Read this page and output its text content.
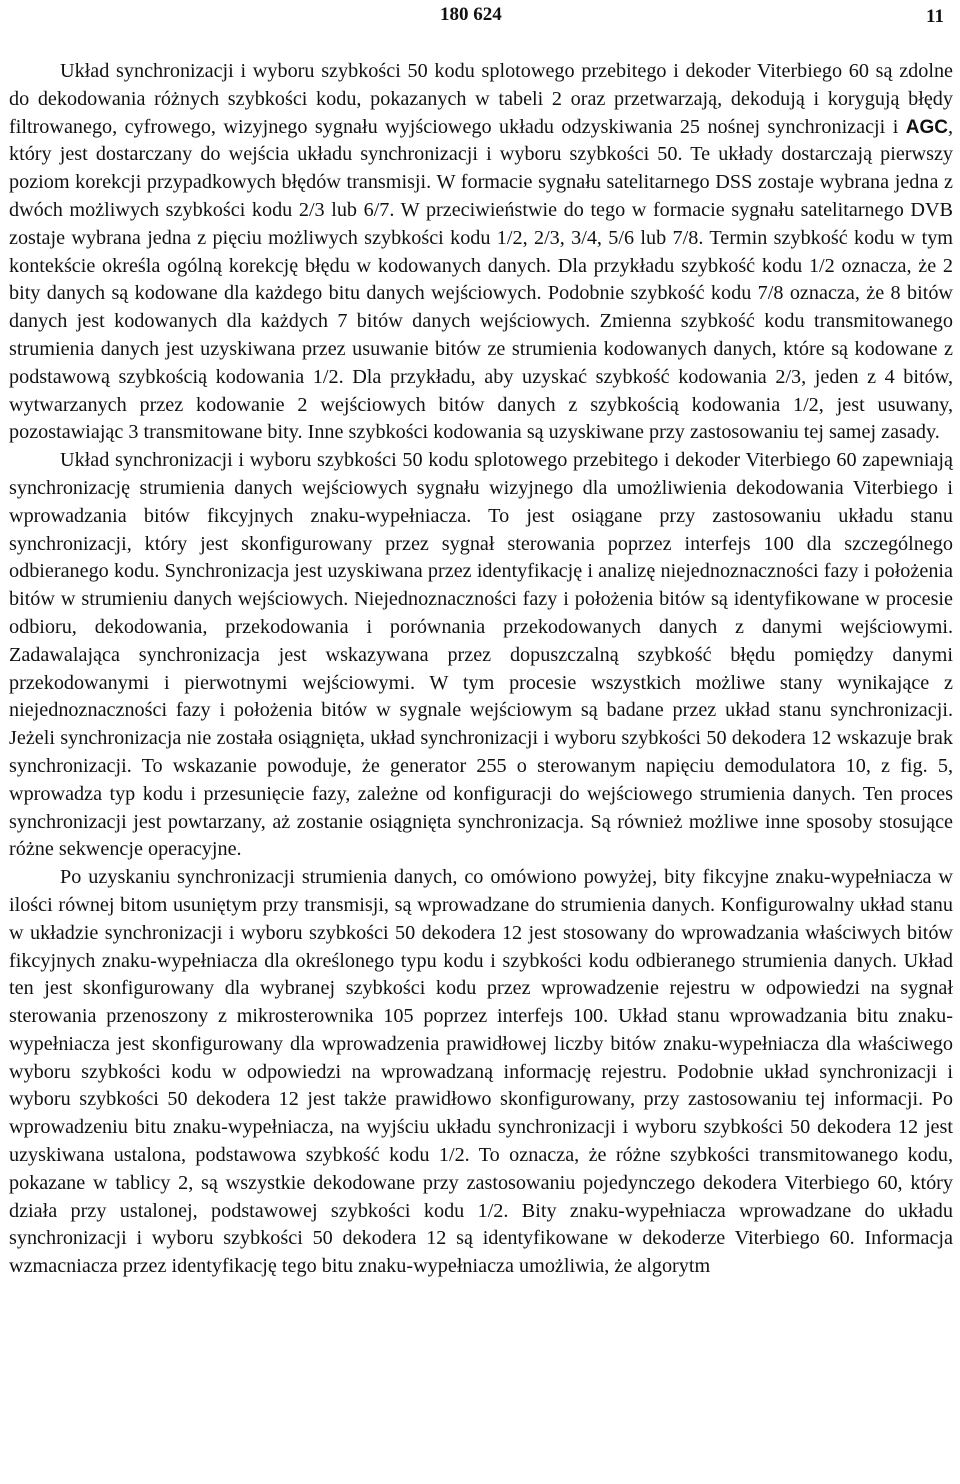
180 624	11

Układ synchronizacji i wyboru szybkości 50 kodu splotowego przebitego i dekoder Viterbiego 60 są zdolne do dekodowania różnych szybkości kodu, pokazanych w tabeli 2 oraz przetwarzają, dekodują i korygują błędy filtrowanego, cyfrowego, wizyjnego sygnału wyjściowego układu odzyskiwania 25 nośnej synchronizacji i AGC, który jest dostarczany do wejścia układu synchronizacji i wyboru szybkości 50. Te układy dostarczają pierwszy poziom korekcji przypadkowych błędów transmisji. W formacie sygnału satelitarnego DSS zostaje wybrana jedna z dwóch możliwych szybkości kodu 2/3 lub 6/7. W przeciwieństwie do tego w formacie sygnału satelitarnego DVB zostaje wybrana jedna z pięciu możliwych szybkości kodu 1/2, 2/3, 3/4, 5/6 lub 7/8. Termin szybkość kodu w tym kontekście określa ogólną korekcję błędu w kodowanych danych. Dla przykładu szybkość kodu 1/2 oznacza, że 2 bity danych są kodowane dla każdego bitu danych wejściowych. Podobnie szybkość kodu 7/8 oznacza, że 8 bitów danych jest kodowanych dla każdych 7 bitów danych wejściowych. Zmienna szybkość kodu transmitowanego strumienia danych jest uzyskiwana przez usuwanie bitów ze strumienia kodowanych danych, które są kodowane z podstawową szybkością kodowania 1/2. Dla przykładu, aby uzyskać szybkość kodowania 2/3, jeden z 4 bitów, wytwarzanych przez kodowanie 2 wejściowych bitów danych z szybkością kodowania 1/2, jest usuwany, pozostawiając 3 transmitowane bity. Inne szybkości kodowania są uzyskiwane przy zastosowaniu tej samej zasady.

Układ synchronizacji i wyboru szybkości 50 kodu splotowego przebitego i dekoder Viterbiego 60 zapewniają synchronizację strumienia danych wejściowych sygnału wizyjnego dla umożliwienia dekodowania Viterbiego i wprowadzania bitów fikcyjnych znaku-wypełniacza. To jest osiągane przy zastosowaniu układu stanu synchronizacji, który jest skonfigurowany przez sygnał sterowania poprzez interfejs 100 dla szczególnego odbieranego kodu. Synchronizacja jest uzyskiwana przez identyfikację i analizę niejednoznaczności fazy i położenia bitów w strumieniu danych wejściowych. Niejednoznaczności fazy i położenia bitów są identyfikowane w procesie odbioru, dekodowania, przekodowania i porównania przekodowanych danych z danymi wejściowymi. Zadawalająca synchronizacja jest wskazywana przez dopuszczalną szybkość błędu pomiędzy danymi przekodowanymi i pierwotnymi wejściowymi. W tym procesie wszystkich możliwe stany wynikające z niejednoznaczności fazy i położenia bitów w sygnale wejściowym są badane przez układ stanu synchronizacji. Jeżeli synchronizacja nie została osiągnięta, układ synchronizacji i wyboru szybkości 50 dekodera 12 wskazuje brak synchronizacji. To wskazanie powoduje, że generator 255 o sterowanym napięciu demodulatora 10, z fig. 5, wprowadza typ kodu i przesunięcie fazy, zależne od konfiguracji do wejściowego strumienia danych. Ten proces synchronizacji jest powtarzany, aż zostanie osiągnięta synchronizacja. Są również możliwe inne sposoby stosujące różne sekwencje operacyjne.

Po uzyskaniu synchronizacji strumienia danych, co omówiono powyżej, bity fikcyjne znaku-wypełniacza w ilości równej bitom usuniętym przy transmisji, są wprowadzane do strumienia danych. Konfigurowalny układ stanu w układzie synchronizacji i wyboru szybkości 50 dekodera 12 jest stosowany do wprowadzania właściwych bitów fikcyjnych znaku-wypełniacza dla określonego typu kodu i szybkości kodu odbieranego strumienia danych. Układ ten jest skonfigurowany dla wybranej szybkości kodu przez wprowadzenie rejestru w odpowiedzi na sygnał sterowania przenoszony z mikrosterownika 105 poprzez interfejs 100. Układ stanu wprowadzania bitu znaku-wypełniacza jest skonfigurowany dla wprowadzenia prawidłowej liczby bitów znaku-wypełniacza dla właściwego wyboru szybkości kodu w odpowiedzi na wprowadzaną informację rejestru. Podobnie układ synchronizacji i wyboru szybkości 50 dekodera 12 jest także prawidłowo skonfigurowany, przy zastosowaniu tej informacji. Po wprowadzeniu bitu znaku-wypełniacza, na wyjściu układu synchronizacji i wyboru szybkości 50 dekodera 12 jest uzyskiwana ustalona, podstawowa szybkość kodu 1/2. To oznacza, że różne szybkości transmitowanego kodu, pokazane w tablicy 2, są wszystkie dekodowane przy zastosowaniu pojedynczego dekodera Viterbiego 60, który działa przy ustalonej, podstawowej szybkości kodu 1/2. Bity znaku-wypełniacza wprowadzane do układu synchronizacji i wyboru szybkości 50 dekodera 12 są identyfikowane w dekoderze Viterbiego 60. Informacja wzmacniacza przez identyfikację tego bitu znaku-wypełniacza umożliwia, że algorytm
